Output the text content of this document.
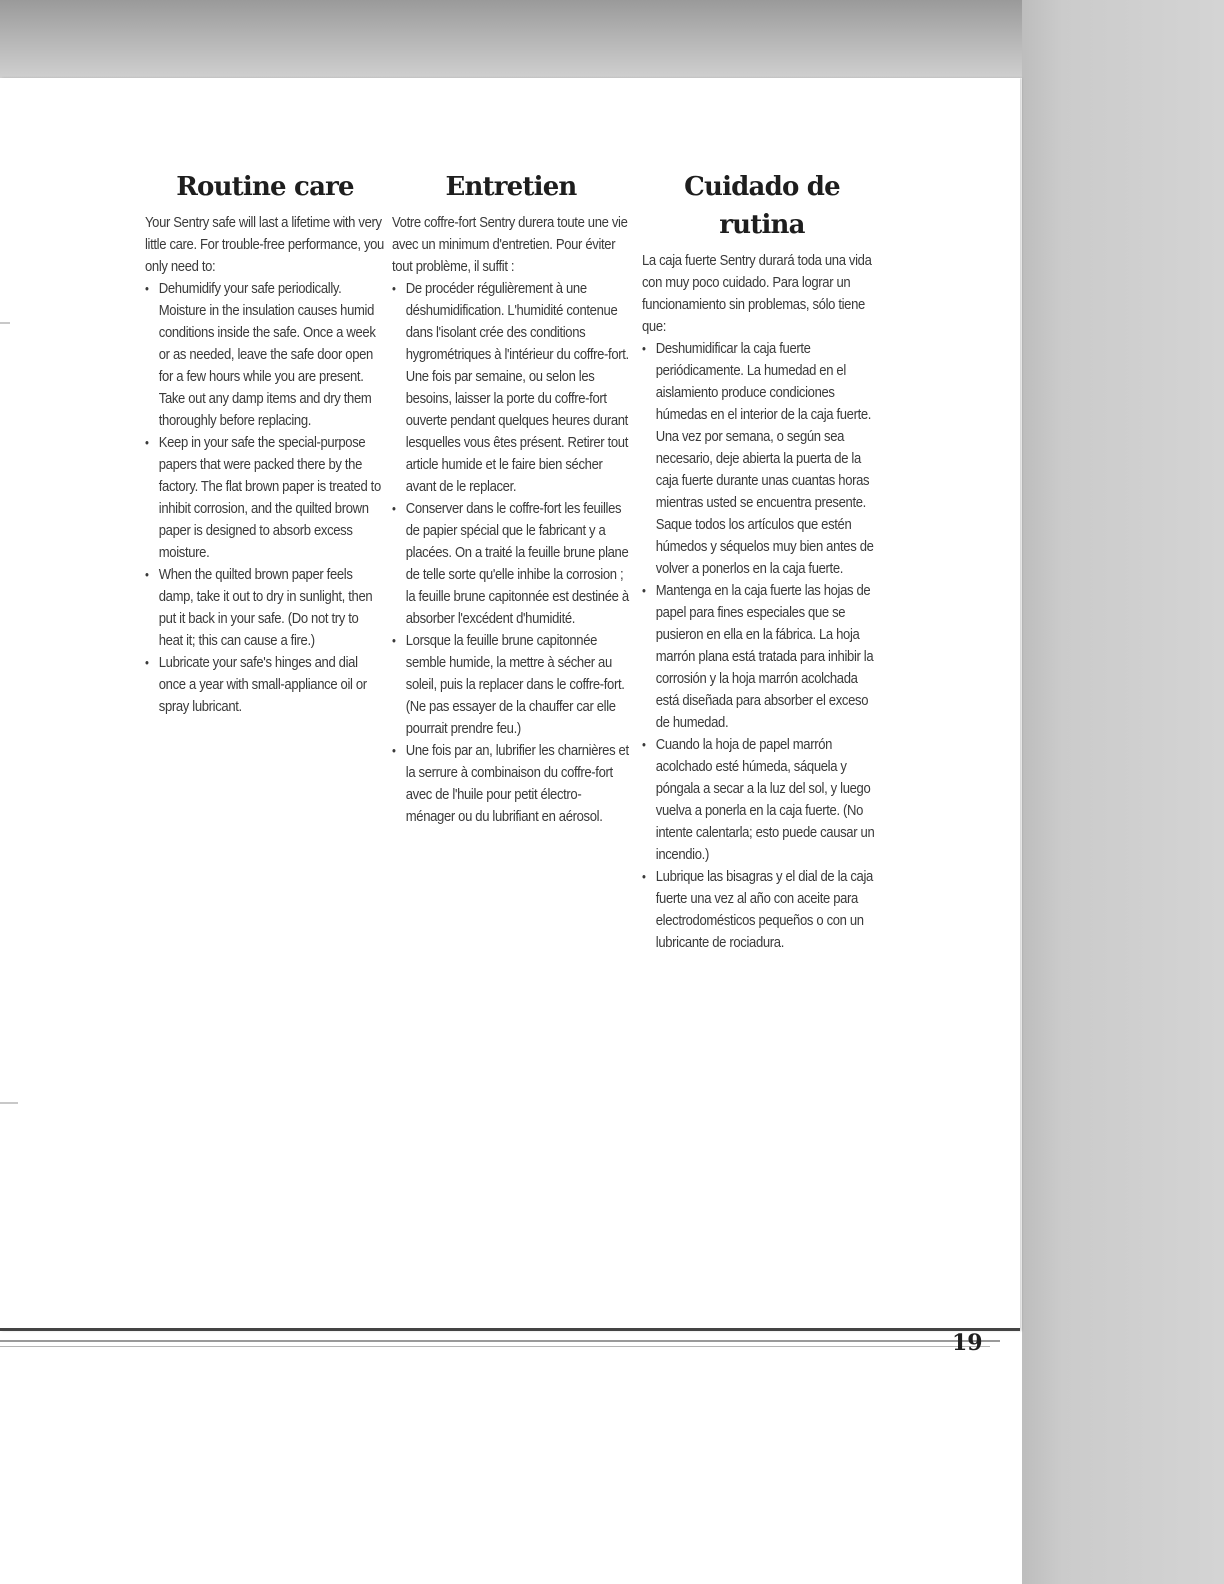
Routine care

Your Sentry safe will last a lifetime with very little care. For trouble-free performance, you only need to:

• Dehumidify your safe periodically. Moisture in the insulation causes humid conditions inside the safe. Once a week or as needed, leave the safe door open for a few hours while you are present. Take out any damp items and dry them thoroughly before replacing.
• Keep in your safe the special-purpose papers that were packed there by the factory. The flat brown paper is treated to inhibit corrosion, and the quilted brown paper is designed to absorb excess moisture.
• When the quilted brown paper feels damp, take it out to dry in sunlight, then put it back in your safe. (Do not try to heat it; this can cause a fire.)
• Lubricate your safe's hinges and dial once a year with small-appliance oil or spray lubricant.
Entretien

Votre coffre-fort Sentry durera toute une vie avec un minimum d'entretien. Pour éviter tout problème, il suffit :

• De procéder régulièrement à une déshumidification. L'humidité contenue dans l'isolant crée des conditions hygrométriques à l'intérieur du coffre-fort. Une fois par semaine, ou selon les besoins, laisser la porte du coffre-fort ouverte pendant quelques heures durant lesquelles vous êtes présent. Retirer tout article humide et le faire bien sécher avant de le replacer.
• Conserver dans le coffre-fort les feuilles de papier spécial que le fabricant y a placées. On a traité la feuille brune plane de telle sorte qu'elle inhibe la corrosion ; la feuille brune capitonnée est destinée à absorber l'excédent d'humidité.
• Lorsque la feuille brune capitonnée semble humide, la mettre à sécher au soleil, puis la replacer dans le coffre-fort. (Ne pas essayer de la chauffer car elle pourrait prendre feu.)
• Une fois par an, lubrifier les charnières et la serrure à combinaison du coffre-fort avec de l'huile pour petit électro-ménager ou du lubrifiant en aérosol.
Cuidado de rutina

La caja fuerte Sentry durará toda una vida con muy poco cuidado. Para lograr un funcionamiento sin problemas, sólo tiene que:

• Deshumidificar la caja fuerte periódicamente. La humedad en el aislamiento produce condiciones húmedas en el interior de la caja fuerte. Una vez por semana, o según sea necesario, deje abierta la puerta de la caja fuerte durante unas cuantas horas mientras usted se encuentra presente. Saque todos los artículos que estén húmedos y séquelos muy bien antes de volver a ponerlos en la caja fuerte.
• Mantenga en la caja fuerte las hojas de papel para fines especiales que se pusieron en ella en la fábrica. La hoja marrón plana está tratada para inhibir la corrosión y la hoja marrón acolchada está diseñada para absorber el exceso de humedad.
• Cuando la hoja de papel marrón acolchado esté húmeda, sáquela y póngala a secar a la luz del sol, y luego vuelva a ponerla en la caja fuerte. (No intente calentarla; esto puede causar un incendio.)
• Lubrique las bisagras y el dial de la caja fuerte una vez al año con aceite para electrodomésticos pequeños o con un lubricante de rociadura.
19
